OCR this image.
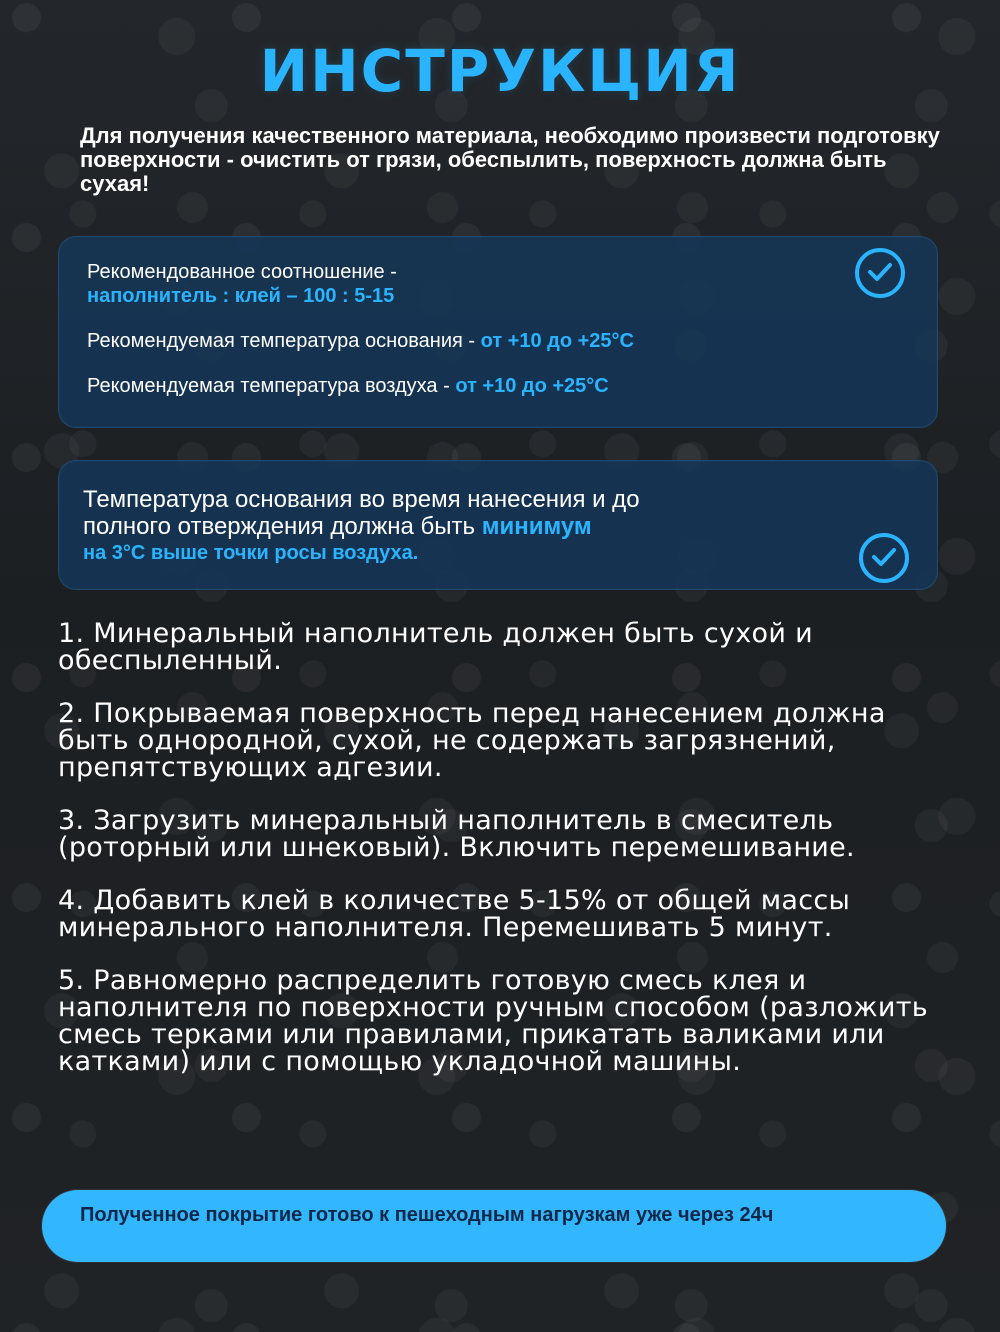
ИНСТРУКЦИЯ

Для получения качественного материала, необходимо произвести подготовку поверхности - очистить от грязи, обеспылить, поверхность должна быть сухая!

Рекомендованное соотношение -

наполнитель : клей – 100 : 5-15

Рекомендуемая температура основания - от +10 до +25°С

Рекомендуемая температура воздуха - от +10 до +25°С

Температура основания во время нанесения и до

полного отверждения должна быть минимум

на 3°С выше точки росы воздуха.

1. Минеральный наполнитель должен быть сухой и обеспыленный.

2. Покрываемая поверхность перед нанесением должна быть однородной, сухой, не содержать загрязнений, препятствующих адгезии.

3. Загрузить минеральный наполнитель в смеситель (роторный или шнековый). Включить перемешивание.

4. Добавить клей в количестве 5-15% от общей массы минерального наполнителя. Перемешивать 5 минут.

5. Равномерно распределить готовую смесь клея и наполнителя по поверхности ручным способом (разложить смесь терками или правилами, прикатать валиками или катками) или с помощью укладочной машины.

Полученное покрытие готово к пешеходным нагрузкам уже через 24ч
